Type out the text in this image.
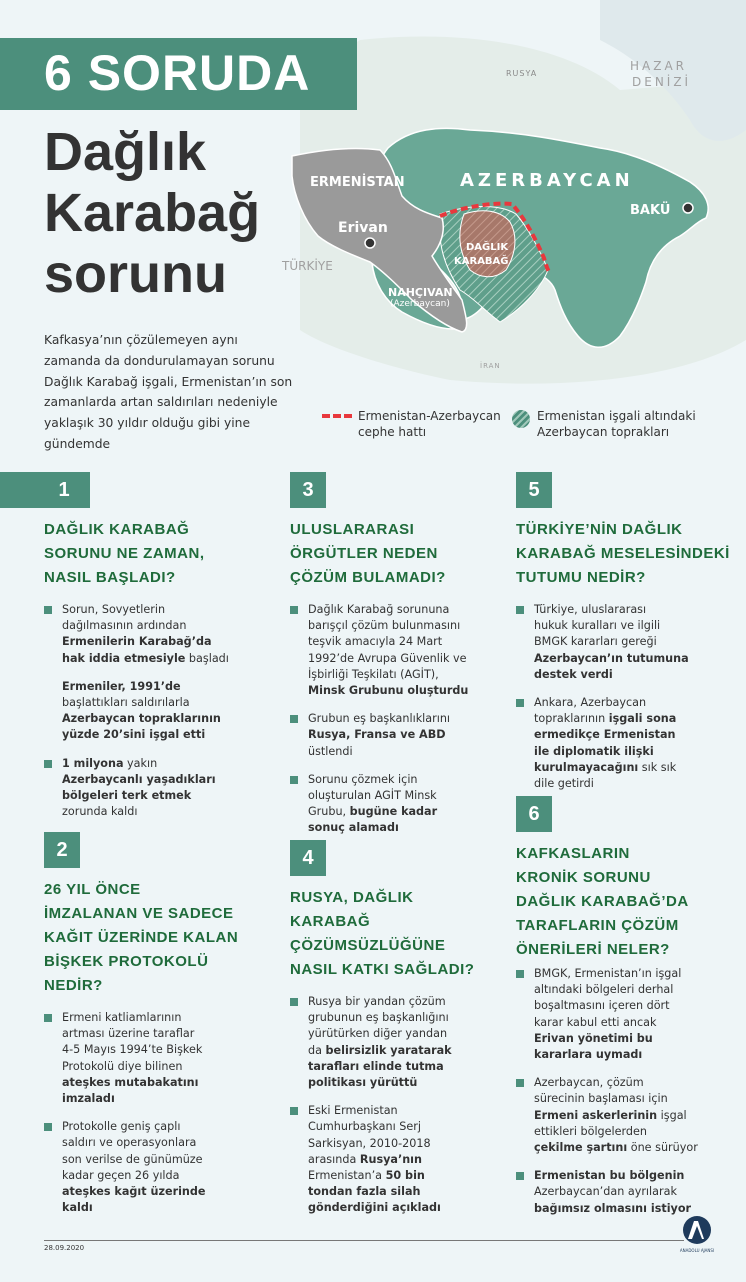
RUSYA
HAZAR
DENİZİ
ERMENİSTAN	AZERBAYCAN
BAKÜ
Erivan
DAĞLIK
KARABAĞ
TÜRKİYE
NAHÇIVAN
(Azerbaycan)
İRAN
6 SORUDA
Dağlık
Karabağ
sorunu
Kafkasya’nın çözülemeyen aynı
zamanda da dondurulamayan sorunu
Dağlık Karabağ işgali, Ermenistan’ın son
zamanlarda artan saldırıları nedeniyle
yaklaşık 30 yıldır olduğu gibi yine
gündemde
Ermenistan-Azerbaycan
cephe hattı
Ermenistan işgali altındaki
Azerbaycan toprakları
1
DAĞLIK KARABAĞ
SORUNU NE ZAMAN,
NASIL BAŞLADI?
Sorun, Sovyetlerin
dağılmasının ardından
Ermenilerin Karabağ’da
hak iddia etmesiyle başladı
Ermeniler, 1991’de
başlattıkları saldırılarla
Azerbaycan topraklarının
yüzde 20’sini işgal etti
1 milyona yakın
Azerbaycanlı yaşadıkları
bölgeleri terk etmek
zorunda kaldı
2
26 YIL ÖNCE
İMZALANAN VE SADECE
KAĞIT ÜZERİNDE KALAN
BİŞKEK PROTOKOLÜ
NEDİR?
Ermeni katliamlarının
artması üzerine taraflar
4-5 Mayıs 1994’te Bişkek
Protokolü diye bilinen
ateşkes mutabakatını
imzaladı
Protokolle geniş çaplı
saldırı ve operasyonlara
son verilse de günümüze
kadar geçen 26 yılda
ateşkes kağıt üzerinde
kaldı
3
ULUSLARARASI
ÖRGÜTLER NEDEN
ÇÖZÜM BULAMADI?
Dağlık Karabağ sorununa
barışçıl çözüm bulunmasını
teşvik amacıyla 24 Mart
1992’de Avrupa Güvenlik ve
İşbirliği Teşkilatı (AGİT),
Minsk Grubunu oluşturdu
Grubun eş başkanlıklarını
Rusya, Fransa ve ABD
üstlendi
Sorunu çözmek için
oluşturulan AGİT Minsk
Grubu, bugüne kadar
sonuç alamadı
4
RUSYA, DAĞLIK
KARABAĞ
ÇÖZÜMSÜZLÜĞÜNE
NASIL KATKI SAĞLADI?
Rusya bir yandan çözüm
grubunun eş başkanlığını
yürütürken diğer yandan
da belirsizlik yaratarak
tarafları elinde tutma
politikası yürüttü
Eski Ermenistan
Cumhurbaşkanı Serj
Sarkisyan, 2010-2018
arasında Rusya’nın
Ermenistan’a 50 bin
tondan fazla silah
gönderdiğini açıkladı
5
TÜRKİYE’NİN DAĞLIK
KARABAĞ MESELESİNDEKİ
TUTUMU NEDİR?
Türkiye, uluslararası
hukuk kuralları ve ilgili
BMGK kararları gereği
Azerbaycan’ın tutumuna
destek verdi
Ankara, Azerbaycan
topraklarının işgali sona
ermedikçe Ermenistan
ile diplomatik ilişki
kurulmayacağını sık sık
dile getirdi
6
KAFKASLARIN
KRONİK SORUNU
DAĞLIK KARABAĞ’DA
TARAFLARIN ÇÖZÜM
ÖNERİLERİ NELER?
BMGK, Ermenistan’ın işgal
altındaki bölgeleri derhal
boşaltmasını içeren dört
karar kabul etti ancak
Erivan yönetimi bu
kararlara uymadı
Azerbaycan, çözüm
sürecinin başlaması için
Ermeni askerlerinin işgal
ettikleri bölgelerden
çekilme şartını öne sürüyor
Ermenistan bu bölgenin
Azerbaycan’dan ayrılarak
bağımsız olmasını istiyor
28.09.2020	ANADOLU AJANSI
